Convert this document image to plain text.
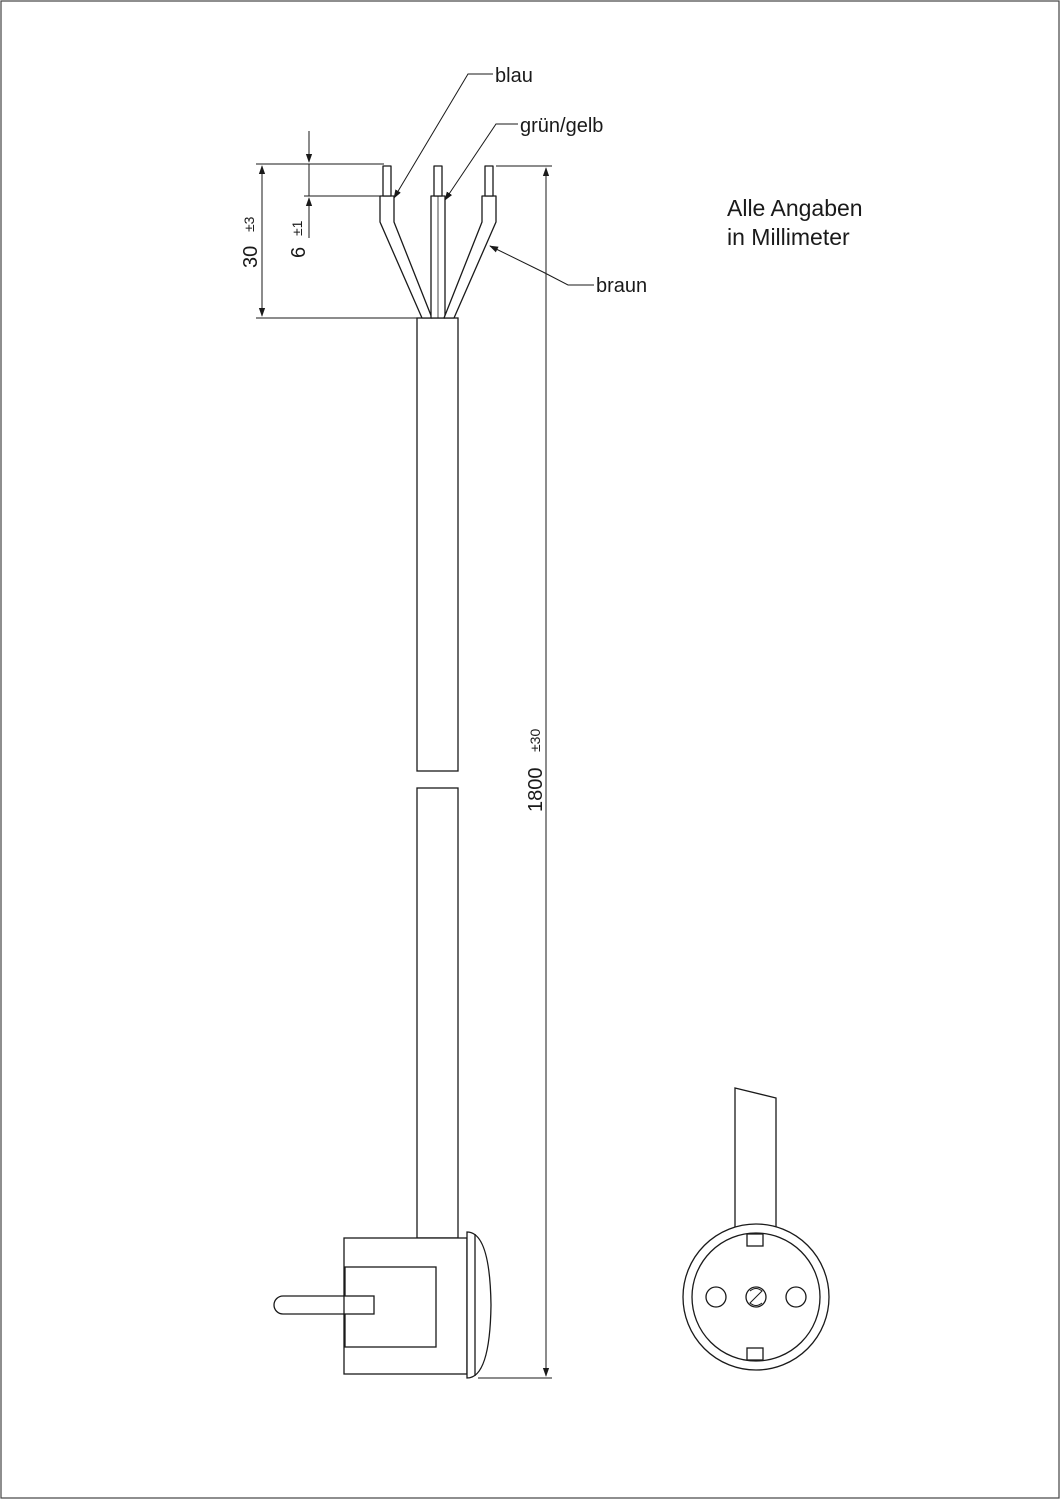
1800
±30
30
±3
6
±1
blau
grün/gelb
braun
Alle Angaben
in Millimeter
